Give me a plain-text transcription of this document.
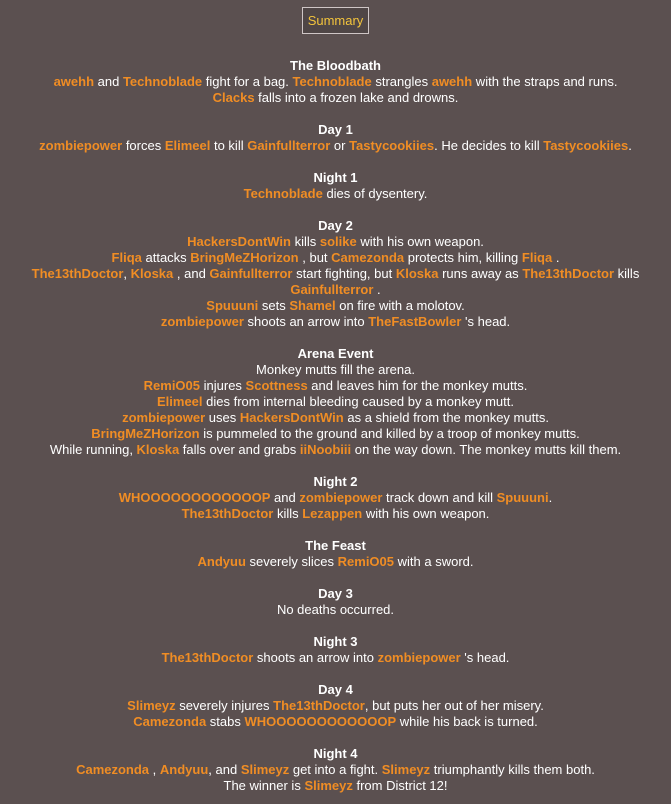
Summary
The Bloodbath
awehh and Technoblade fight for a bag. Technoblade strangles awehh with the straps and runs.
Clacks falls into a frozen lake and drowns.
Day 1
zombiepower forces Elimeel to kill Gainfullterror or Tastycookiies. He decides to kill Tastycookiies.
Night 1
Technoblade dies of dysentery.
Day 2
HackersDontWin kills solike with his own weapon.
Fliqa attacks BringMeZHorizon , but Camezonda protects him, killing Fliqa .
The13thDoctor, Kloska , and Gainfullterror start fighting, but Kloska runs away as The13thDoctor kills
Gainfullterror .
Spuuuni sets Shamel on fire with a molotov.
zombiepower shoots an arrow into TheFastBowler 's head.
Arena Event
Monkey mutts fill the arena.
RemiO05 injures Scottness and leaves him for the monkey mutts.
Elimeel dies from internal bleeding caused by a monkey mutt.
zombiepower uses HackersDontWin as a shield from the monkey mutts.
BringMeZHorizon is pummeled to the ground and killed by a troop of monkey mutts.
While running, Kloska falls over and grabs iiNoobiii on the way down. The monkey mutts kill them.
Night 2
WHOOOOOOOOOOOOP and zombiepower track down and kill Spuuuni.
The13thDoctor kills Lezappen with his own weapon.
The Feast
Andyuu severely slices RemiO05 with a sword.
Day 3
No deaths occurred.
Night 3
The13thDoctor shoots an arrow into zombiepower 's head.
Day 4
Slimeyz severely injures The13thDoctor, but puts her out of her misery.
Camezonda stabs WHOOOOOOOOOOOOP while his back is turned.
Night 4
Camezonda , Andyuu, and Slimeyz get into a fight. Slimeyz triumphantly kills them both.
The winner is Slimeyz from District 12!
